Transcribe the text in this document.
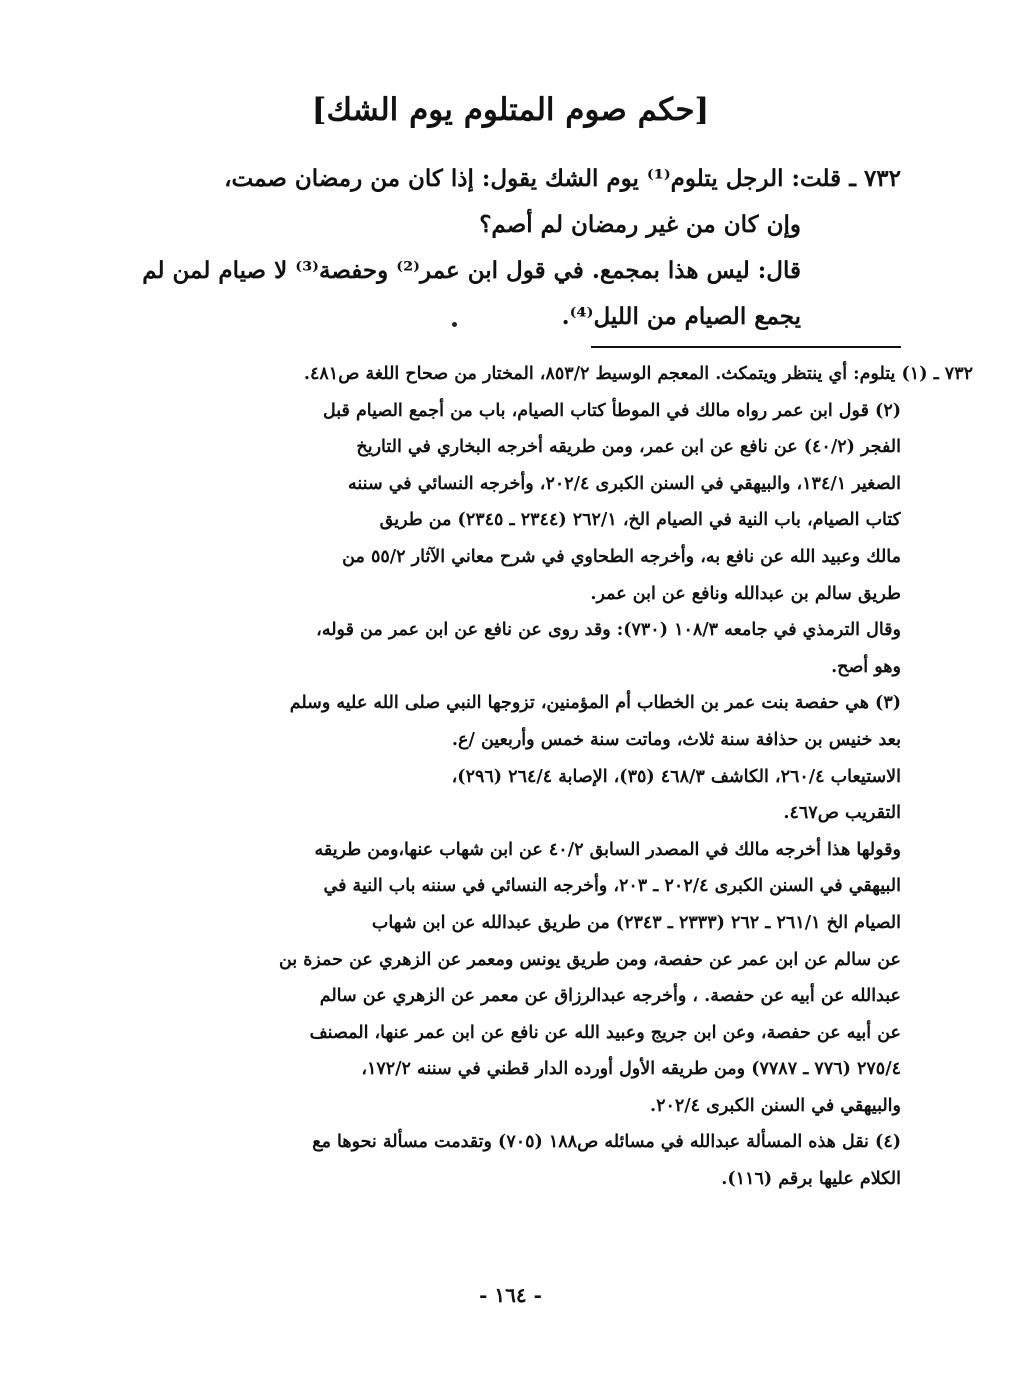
[حكم صوم المتلوم يوم الشك]
٧٣٢ ـ قلت: الرجل يتلوم⁽¹⁾ يوم الشك يقول: إذا كان من رمضان صمت،
وإن كان من غير رمضان لم أصم؟
قال: ليس هذا بمجمع. في قول ابن عمر⁽²⁾ وحفصة⁽³⁾ لا صيام لمن لم
يجمع الصيام من الليل⁽⁴⁾.
٧٣٢ ـ (١) يتلوم: أي ينتظر ويتمكث. المعجم الوسيط ٨٥٣/٢، المختار من صحاح اللغة ص٤٨١.
(٢) قول ابن عمر رواه مالك في الموطأ كتاب الصيام، باب من أجمع الصيام قبل
الفجر (٤٠/٢) عن نافع عن ابن عمر، ومن طريقه أخرجه البخاري في التاريخ
الصغير ١٣٤/١، والبيهقي في السنن الكبرى ٢٠٢/٤، وأخرجه النسائي في سننه
كتاب الصيام، باب النية في الصيام الخ، ٢٦٢/١ (٢٣٤٤ ـ ٢٣٤٥) من طريق
مالك وعبيد الله عن نافع به، وأخرجه الطحاوي في شرح معاني الآثار ٥٥/٢ من
طريق سالم بن عبدالله ونافع عن ابن عمر.
وقال الترمذي في جامعه ١٠٨/٣ (٧٣٠): وقد روى عن نافع عن ابن عمر من قوله،
وهو أصح.
(٣) هي حفصة بنت عمر بن الخطاب أم المؤمنين، تزوجها النبي صلى الله عليه وسلم
بعد خنيس بن حذافة سنة ثلاث، وماتت سنة خمس وأربعين /ع.
الاستيعاب ٢٦٠/٤، الكاشف ٤٦٨/٣ (٣٥)، الإصابة ٢٦٤/٤ (٢٩٦)،
التقريب ص٤٦٧.
وقولها هذا أخرجه مالك في المصدر السابق ٤٠/٢ عن ابن شهاب عنها،ومن طريقه
البيهقي في السنن الكبرى ٢٠٢/٤ ـ ٢٠٣، وأخرجه النسائي في سننه باب النية في
الصيام الخ ٢٦١/١ ـ ٢٦٢ (٢٣٣٣ ـ ٢٣٤٣) من طريق عبدالله عن ابن شهاب
عن سالم عن ابن عمر عن حفصة، ومن طريق يونس ومعمر عن الزهري عن حمزة بن
عبدالله عن أبيه عن حفصة. ، وأخرجه عبدالرزاق عن معمر عن الزهري عن سالم
عن أبيه عن حفصة، وعن ابن جريج وعبيد الله عن نافع عن ابن عمر عنها، المصنف
٢٧٥/٤ (٧٧٦ ـ ٧٧٨٧) ومن طريقه الأول أورده الدار قطني في سننه ١٧٢/٢،
والبيهقي في السنن الكبرى ٢٠٢/٤.
(٤) نقل هذه المسألة عبدالله في مسائله ص١٨٨ (٧٠٥) وتقدمت مسألة نحوها مع
الكلام عليها برقم (١١٦).
- ١٦٤ -
